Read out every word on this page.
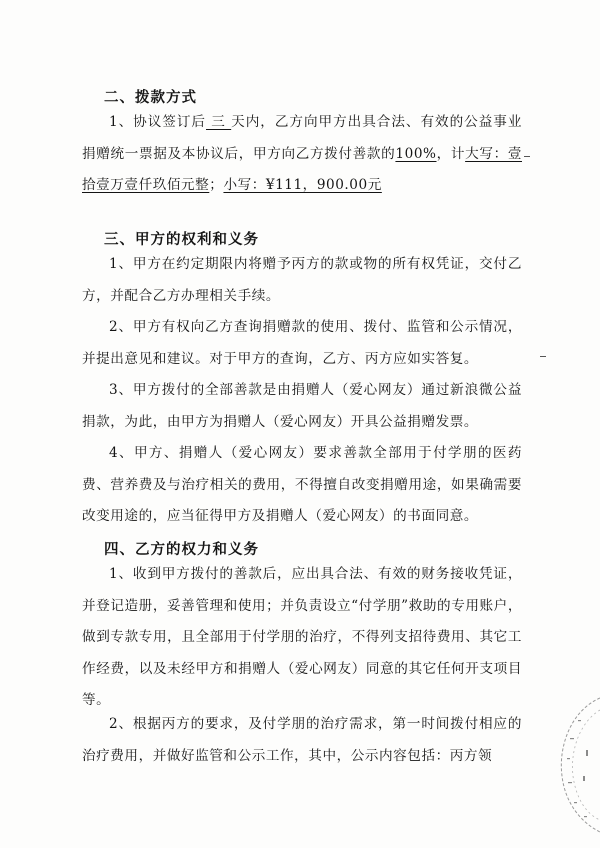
二、拨款方式
1、协议签订后 三 天内，乙方向甲方出具合法、有效的公益事业捐赠统一票据及本协议后，甲方向乙方拨付善款的100%，计大写：壹拾壹万壹仟玖佰元整；小写：¥111，900.00元
三、甲方的权利和义务
1、甲方在约定期限内将赠予丙方的款或物的所有权凭证，交付乙方，并配合乙方办理相关手续。
2、甲方有权向乙方查询捐赠款的使用、拨付、监管和公示情况，并提出意见和建议。对于甲方的查询，乙方、丙方应如实答复。
3、甲方拨付的全部善款是由捐赠人（爱心网友）通过新浪微公益捐款，为此，由甲方为捐赠人（爱心网友）开具公益捐赠发票。
4、甲方、捐赠人（爱心网友）要求善款全部用于付学朋的医药费、营养费及与治疗相关的费用，不得擅自改变捐赠用途，如果确需要改变用途的，应当征得甲方及捐赠人（爱心网友）的书面同意。
四、乙方的权力和义务
1、收到甲方拨付的善款后，应出具合法、有效的财务接收凭证，并登记造册，妥善管理和使用；并负责设立“付学朋”救助的专用账户，做到专款专用，且全部用于付学朋的治疗，不得列支招待费用、其它工作经费，以及未经甲方和捐赠人（爱心网友）同意的其它任何开支项目等。
2、根据丙方的要求，及付学朋的治疗需求，第一时间拨付相应的治疗费用，并做好监管和公示工作，其中，公示内容包括：丙方领
